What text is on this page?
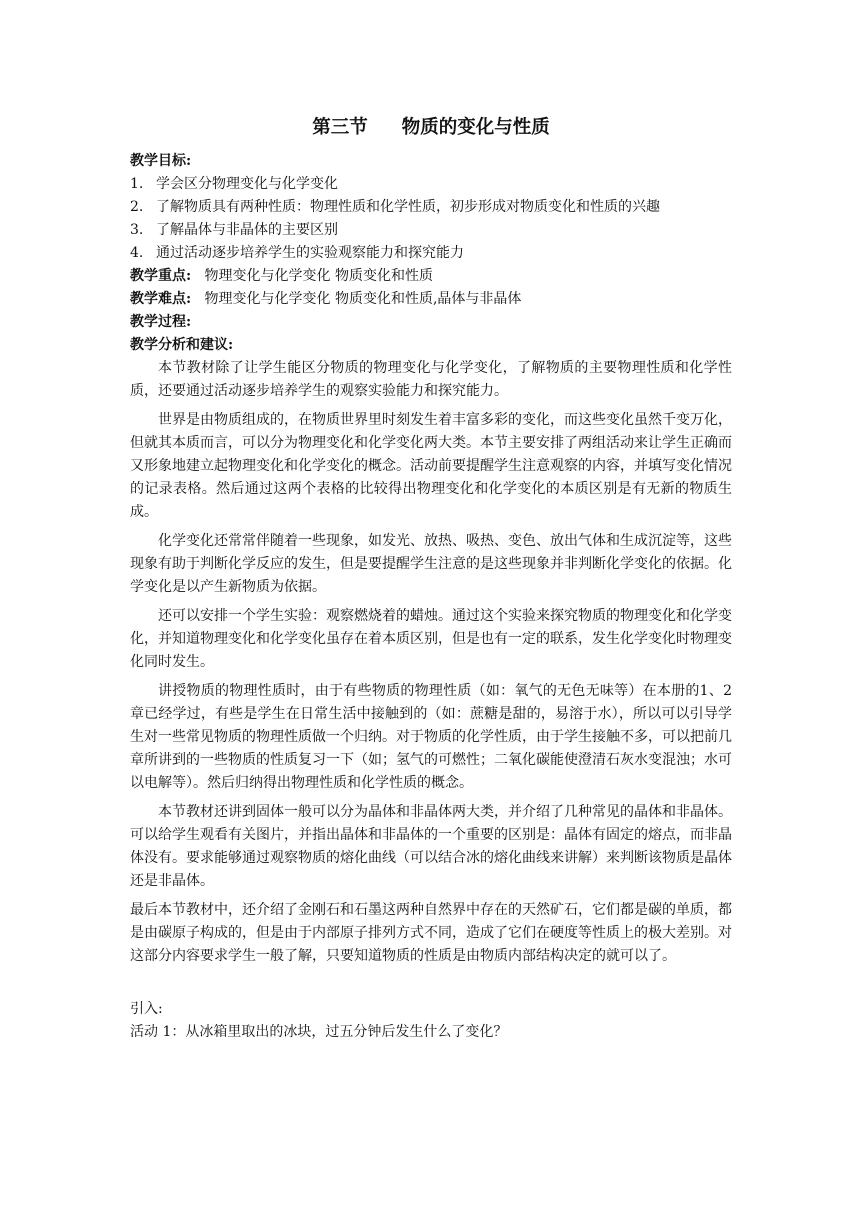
第三节 物质的变化与性质

教学目标:

1. 学会区分物理变化与化学变化

2. 了解物质具有两种性质：物理性质和化学性质，初步形成对物质变化和性质的兴趣

3. 了解晶体与非晶体的主要区别

4. 通过活动逐步培养学生的实验观察能力和探究能力

教学重点: 物理变化与化学变化 物质变化和性质

教学难点: 物理变化与化学变化 物质变化和性质,晶体与非晶体

教学过程:

教学分析和建议:

本节教材除了让学生能区分物质的物理变化与化学变化，了解物质的主要物理性质和化学性质，还要通过活动逐步培养学生的观察实验能力和探究能力。

世界是由物质组成的，在物质世界里时刻发生着丰富多彩的变化，而这些变化虽然千变万化，但就其本质而言，可以分为物理变化和化学变化两大类。本节主要安排了两组活动来让学生正确而又形象地建立起物理变化和化学变化的概念。活动前要提醒学生注意观察的内容，并填写变化情况的记录表格。然后通过这两个表格的比较得出物理变化和化学变化的本质区别是有无新的物质生成。

化学变化还常常伴随着一些现象，如发光、放热、吸热、变色、放出气体和生成沉淀等，这些现象有助于判断化学反应的发生，但是要提醒学生注意的是这些现象并非判断化学变化的依据。化学变化是以产生新物质为依据。

还可以安排一个学生实验：观察燃烧着的蜡烛。通过这个实验来探究物质的物理变化和化学变化，并知道物理变化和化学变化虽存在着本质区别，但是也有一定的联系，发生化学变化时物理变化同时发生。

讲授物质的物理性质时，由于有些物质的物理性质（如：氧气的无色无味等）在本册的1、2章已经学过，有些是学生在日常生活中接触到的（如：蔗糖是甜的，易溶于水），所以可以引导学生对一些常见物质的物理性质做一个归纳。对于物质的化学性质，由于学生接触不多，可以把前几章所讲到的一些物质的性质复习一下（如；氢气的可燃性；二氧化碳能使澄清石灰水变混浊；水可以电解等）。然后归纳得出物理性质和化学性质的概念。

本节教材还讲到固体一般可以分为晶体和非晶体两大类，并介绍了几种常见的晶体和非晶体。可以给学生观看有关图片，并指出晶体和非晶体的一个重要的区别是：晶体有固定的熔点，而非晶体没有。要求能够通过观察物质的熔化曲线（可以结合冰的熔化曲线来讲解）来判断该物质是晶体还是非晶体。

最后本节教材中，还介绍了金刚石和石墨这两种自然界中存在的天然矿石，它们都是碳的单质，都是由碳原子构成的，但是由于内部原子排列方式不同，造成了它们在硬度等性质上的极大差别。对这部分内容要求学生一般了解，只要知道物质的性质是由物质内部结构决定的就可以了。

引入:

活动 1：从冰箱里取出的冰块，过五分钟后发生什么了变化？
